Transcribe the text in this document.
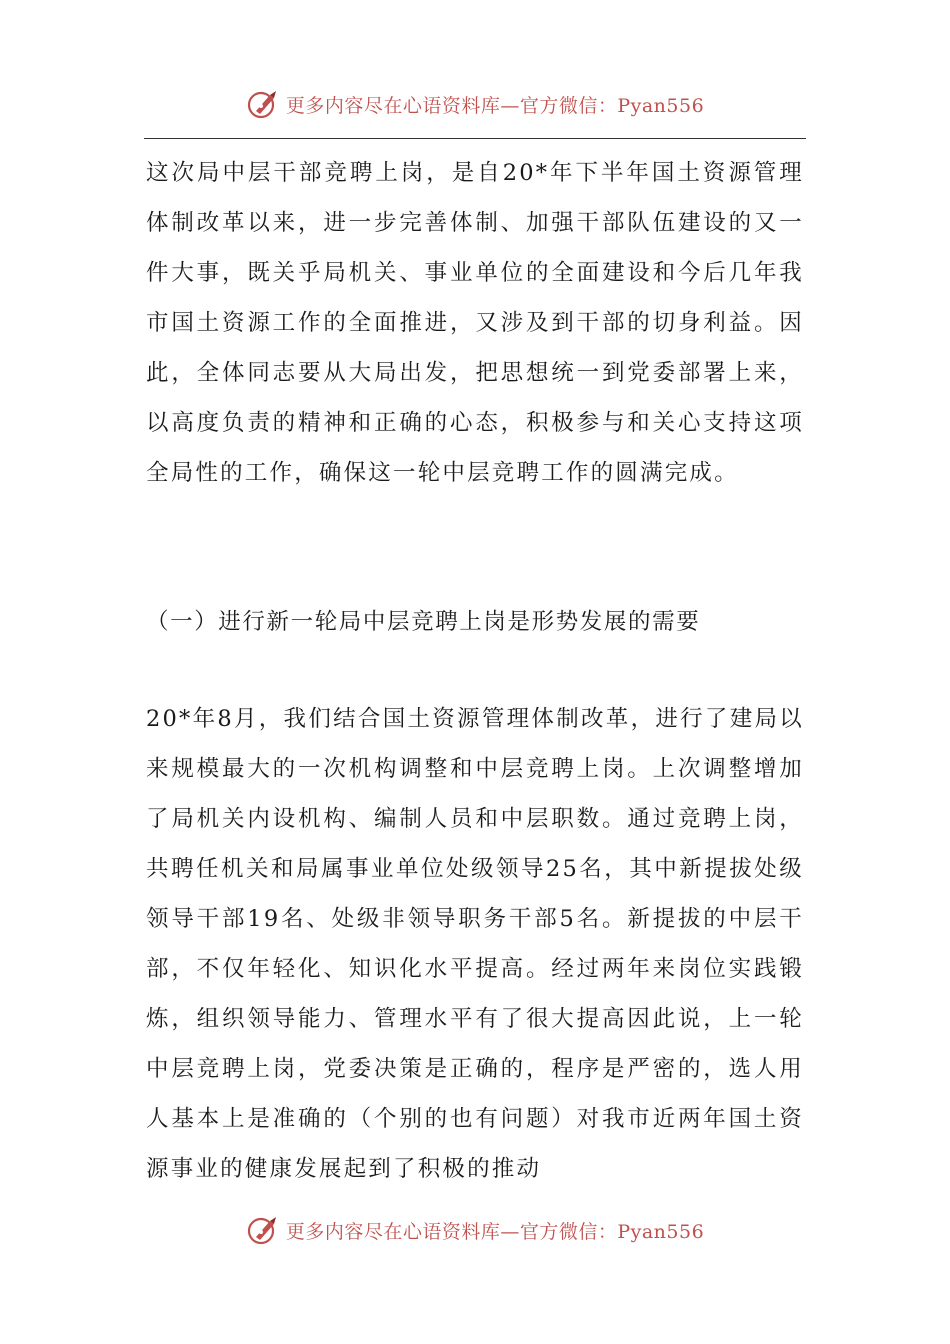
更多内容尽在心语资料库—官方微信：Pyan556

这次局中层干部竞聘上岗，是自20*年下半年国土资源管理体制改革以来，进一步完善体制、加强干部队伍建设的又一件大事，既关乎局机关、事业单位的全面建设和今后几年我市国土资源工作的全面推进，又涉及到干部的切身利益。因此，全体同志要从大局出发，把思想统一到党委部署上来，以高度负责的精神和正确的心态，积极参与和关心支持这项全局性的工作，确保这一轮中层竞聘工作的圆满完成。

（一）进行新一轮局中层竞聘上岗是形势发展的需要

20*年8月，我们结合国土资源管理体制改革，进行了建局以来规模最大的一次机构调整和中层竞聘上岗。上次调整增加了局机关内设机构、编制人员和中层职数。通过竞聘上岗，共聘任机关和局属事业单位处级领导25名，其中新提拔处级领导干部19名、处级非领导职务干部5名。新提拔的中层干部，不仅年轻化、知识化水平提高。经过两年来岗位实践锻炼，组织领导能力、管理水平有了很大提高因此说，上一轮中层竞聘上岗，党委决策是正确的，程序是严密的，选人用人基本上是准确的（个别的也有问题）对我市近两年国土资源事业的健康发展起到了积极的推动

更多内容尽在心语资料库—官方微信：Pyan556
